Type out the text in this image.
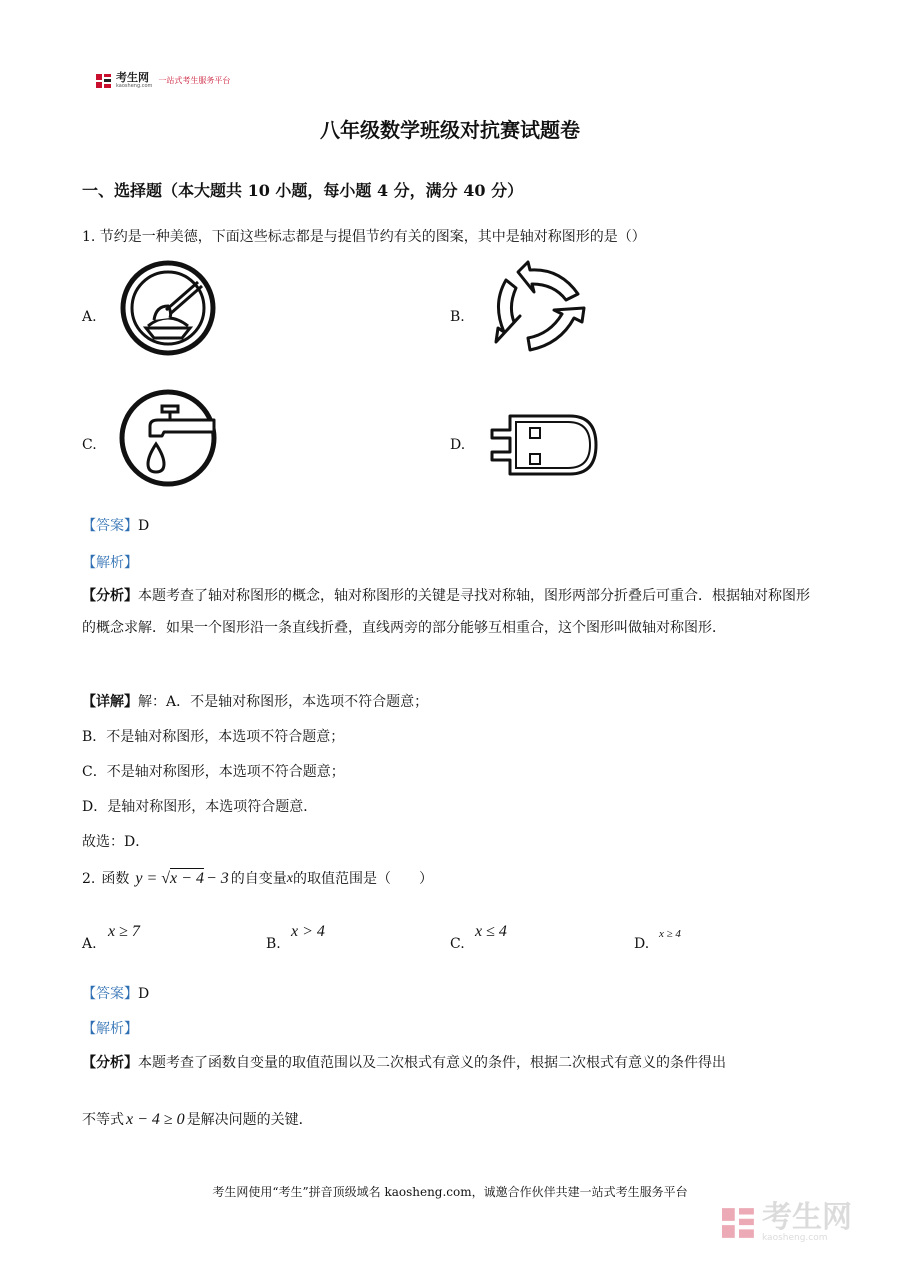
考生网
kaosheng.com
一站式考生服务平台
八年级数学班级对抗赛试题卷
一、选择题（本大题共 10 小题，每小题 4 分，满分 40 分）
1. 节约是一种美德，下面这些标志都是与提倡节约有关的图案，其中是轴对称图形的是（）
A.	B.
C.	D.
【答案】D
【解析】
【分析】本题考查了轴对称图形的概念，轴对称图形的关键是寻找对称轴，图形两部分折叠后可重合．根据轴对称图形的概念求解．如果一个图形沿一条直线折叠，直线两旁的部分能够互相重合，这个图形叫做轴对称图形．
【详解】解：A．不是轴对称图形，本选项不符合题意；
B．不是轴对称图形，本选项不符合题意；
C．不是轴对称图形，本选项不符合题意；
D．是轴对称图形，本选项符合题意．
故选：D．
2. 函数 y = √ x − 4 − 3 的自变量 x 的取值范围是（　　）
A.
x ≥ 7
B.
x > 4
C.
x ≤ 4
D.
x ≥ 4
【答案】D
【解析】
【分析】本题考查了函数自变量的取值范围以及二次根式有意义的条件，根据二次根式有意义的条件得出
不等式 x − 4 ≥ 0 是解决问题的关键．
考生网使用“考生”拼音顶级域名 kaosheng.com，诚邀合作伙伴共建一站式考生服务平台
考生网
kaosheng.com
